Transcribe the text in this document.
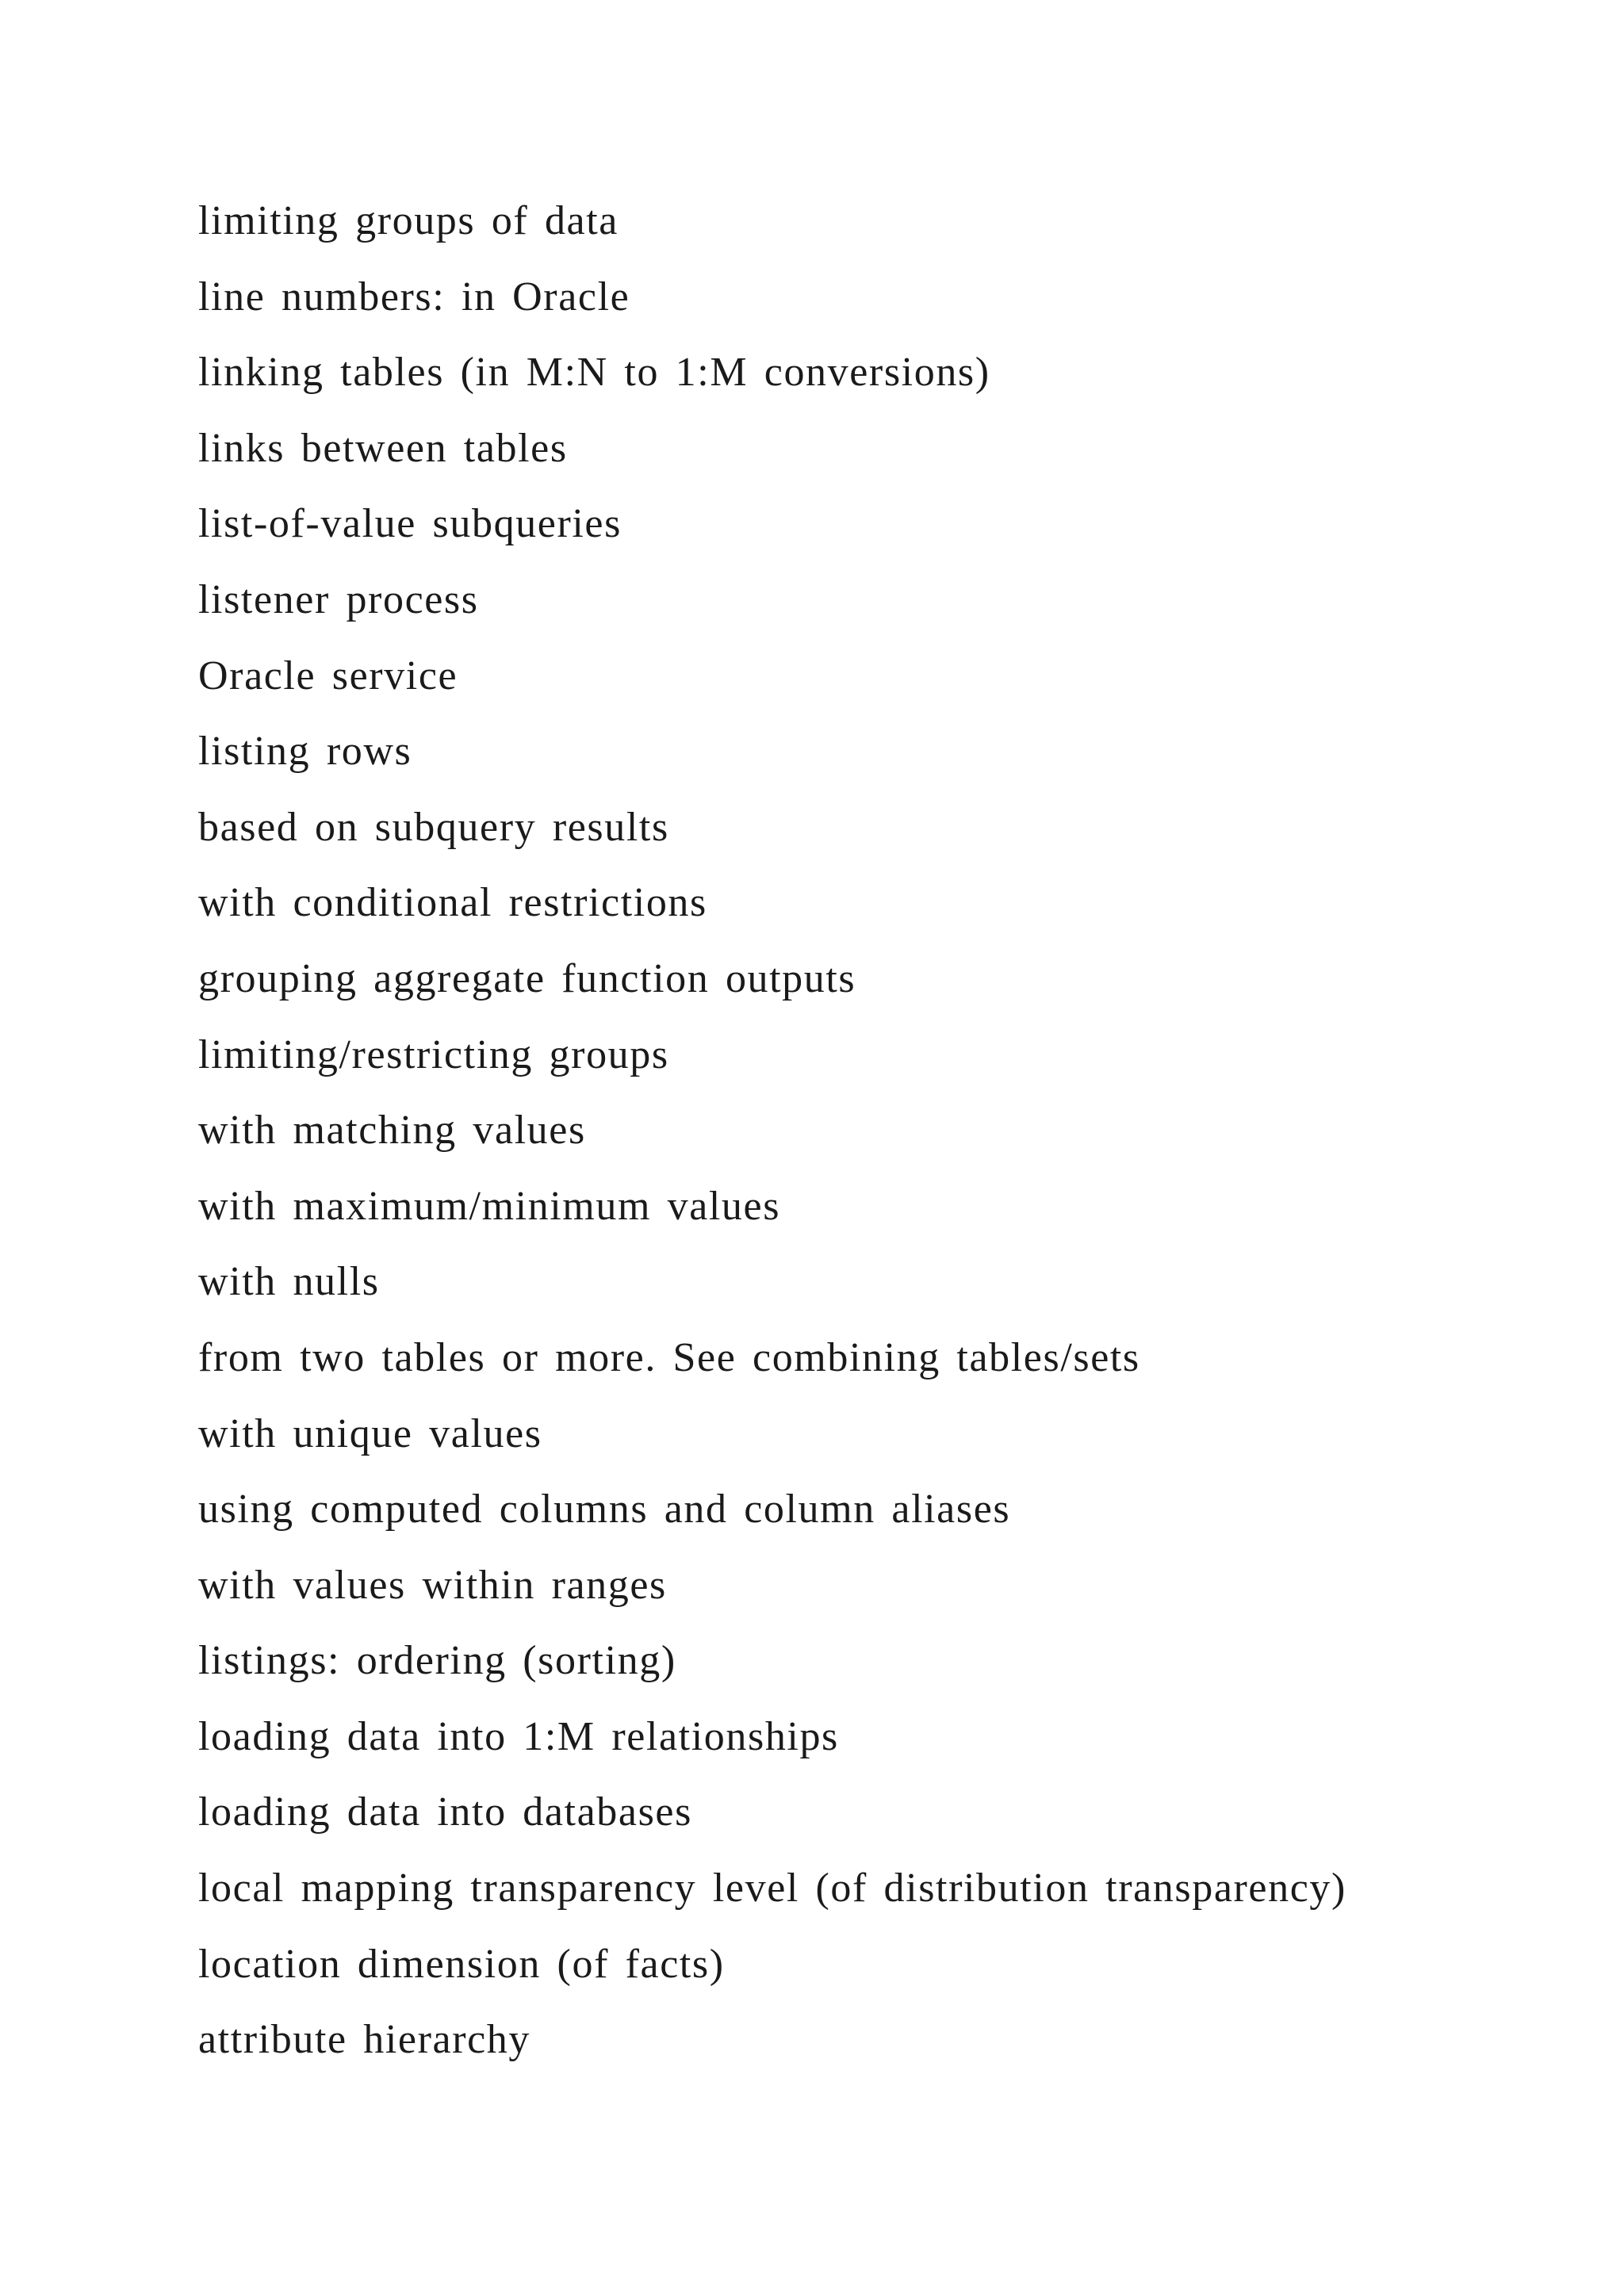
limiting groups of data
line numbers: in Oracle
linking tables (in M:N to 1:M conversions)
links between tables
list-of-value subqueries
listener process
Oracle service
listing rows
based on subquery results
with conditional restrictions
grouping aggregate function outputs
limiting/restricting groups
with matching values
with maximum/minimum values
with nulls
from two tables or more. See combining tables/sets
with unique values
using computed columns and column aliases
with values within ranges
listings: ordering (sorting)
loading data into 1:M relationships
loading data into databases
local mapping transparency level (of distribution transparency)
location dimension (of facts)
attribute hierarchy
